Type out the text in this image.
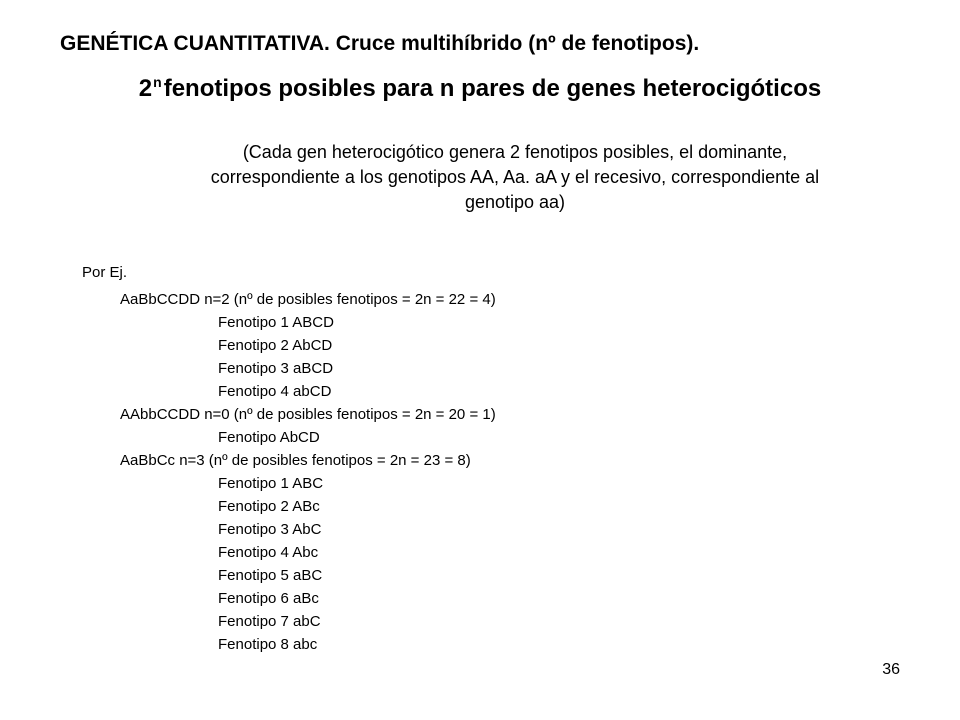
GENÉTICA CUANTITATIVA. Cruce multihíbrido (nº de fenotipos).
2$^n$fenotipos posibles para n pares de genes heterocigóticos
(Cada gen heterocigótico genera 2 fenotipos posibles, el dominante,
correspondiente a los genotipos AA, Aa. aA y el recesivo, correspondiente al
genotipo aa)
Por Ej.
AaBbCCDD n=2 (nº de posibles fenotipos = 2n = 22 = 4)
Fenotipo 1 ABCD
Fenotipo 2 AbCD
Fenotipo 3 aBCD
Fenotipo 4 abCD
AAbbCCDD n=0 (nº de posibles fenotipos = 2n = 20 = 1)
Fenotipo AbCD
AaBbCc n=3 (nº de posibles fenotipos = 2n = 23 = 8)
Fenotipo 1 ABC
Fenotipo 2 ABc
Fenotipo 3 AbC
Fenotipo 4 Abc
Fenotipo 5 aBC
Fenotipo 6 aBc
Fenotipo 7 abC
Fenotipo 8 abc
36
